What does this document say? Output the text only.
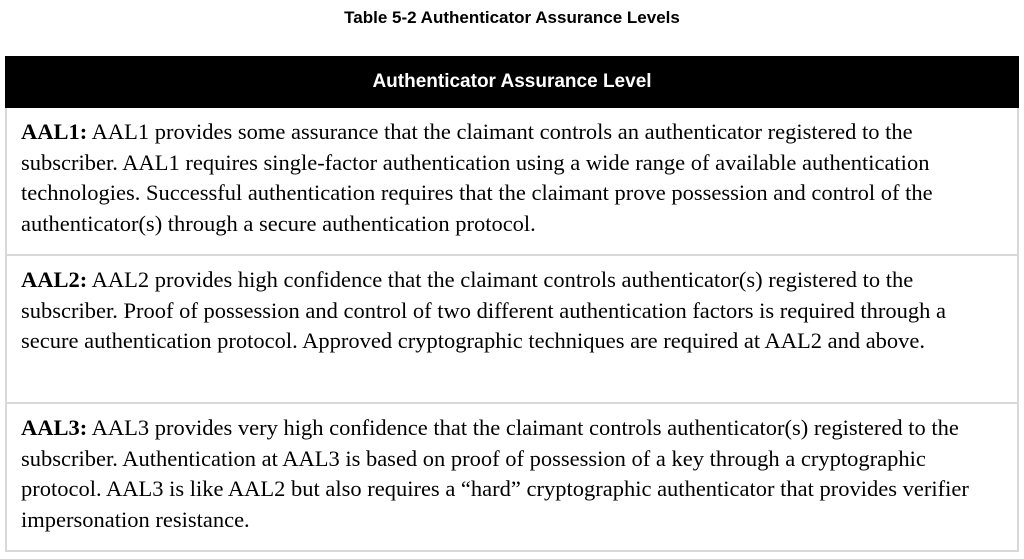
Table 5-2 Authenticator Assurance Levels
Authenticator Assurance Level
AAL1: AAL1 provides some assurance that the claimant controls an authenticator registered to the subscriber. AAL1 requires single-factor authentication using a wide range of available authentication technologies. Successful authentication requires that the claimant prove possession and control of the authenticator(s) through a secure authentication protocol.
AAL2: AAL2 provides high confidence that the claimant controls authenticator(s) registered to the subscriber. Proof of possession and control of two different authentication factors is required through a secure authentication protocol. Approved cryptographic techniques are required at AAL2 and above.
AAL3: AAL3 provides very high confidence that the claimant controls authenticator(s) registered to the subscriber. Authentication at AAL3 is based on proof of possession of a key through a cryptographic protocol. AAL3 is like AAL2 but also requires a “hard” cryptographic authenticator that provides verifier impersonation resistance.
